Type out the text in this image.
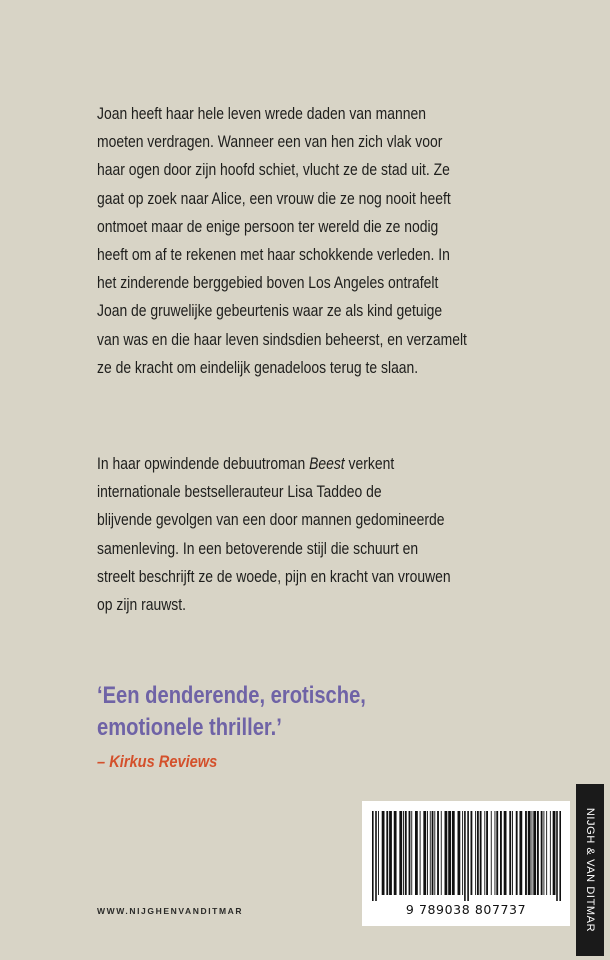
Joan heeft haar hele leven wrede daden van mannen
moeten verdragen. Wanneer een van hen zich vlak voor
haar ogen door zijn hoofd schiet, vlucht ze de stad uit. Ze
gaat op zoek naar Alice, een vrouw die ze nog nooit heeft
ontmoet maar de enige persoon ter wereld die ze nodig
heeft om af te rekenen met haar schokkende verleden. In
het zinderende berggebied boven Los Angeles ontrafelt
Joan de gruwelijke gebeurtenis waar ze als kind getuige
van was en die haar leven sindsdien beheerst, en verzamelt
ze de kracht om eindelijk genadeloos terug te slaan.
In haar opwindende debuutroman Beest verkent
internationale bestsellerauteur Lisa Taddeo de
blijvende gevolgen van een door mannen gedomineerde
samenleving. In een betoverende stijl die schuurt en
streelt beschrijft ze de woede, pijn en kracht van vrouwen
op zijn rauwst.
‘Een denderende, erotische,
emotionele thriller.’
– Kirkus Reviews
WWW.NIJGHENVANDITMAR	9 789038 807737	NIJGH & VAN DITMAR
